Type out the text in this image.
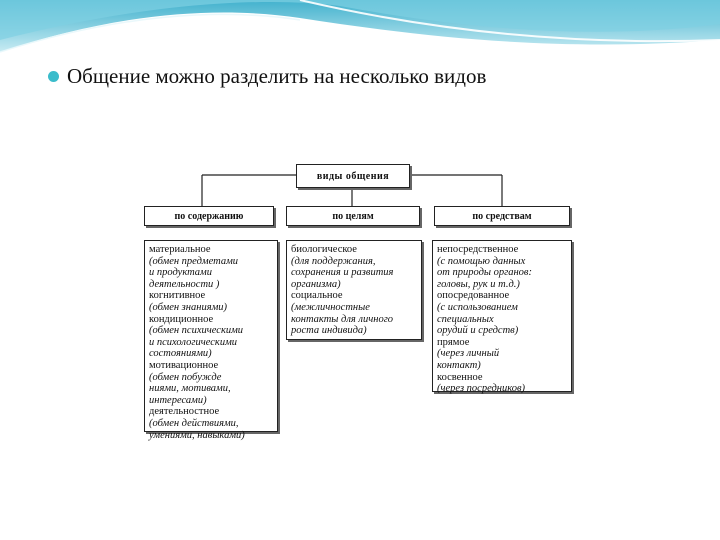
Общение можно разделить на несколько видов
виды общения
по содержанию	по целям	по средствам
материальное
(обмен предметами
и продуктами
деятельности )
когнитивное
(обмен знаниями)
кондиционное
(обмен психическими
и психологическими
состояниями)
мотивационное
(обмен побужде
ниями, мотивами,
интересами)
деятельностное
(обмен действиями,
умениями, навыками)
биологическое
(для поддержания,
сохранения и развития
организма)
социальное
(межличностные
контакты для личного
роста индивида)
непосредственное
(с помощью данных
от природы органов:
головы, рук и т.д.)
опосредованное
(с использованием
специальных
орудий и средств)
прямое
(через личный
контакт)
косвенное
(через посредников)
